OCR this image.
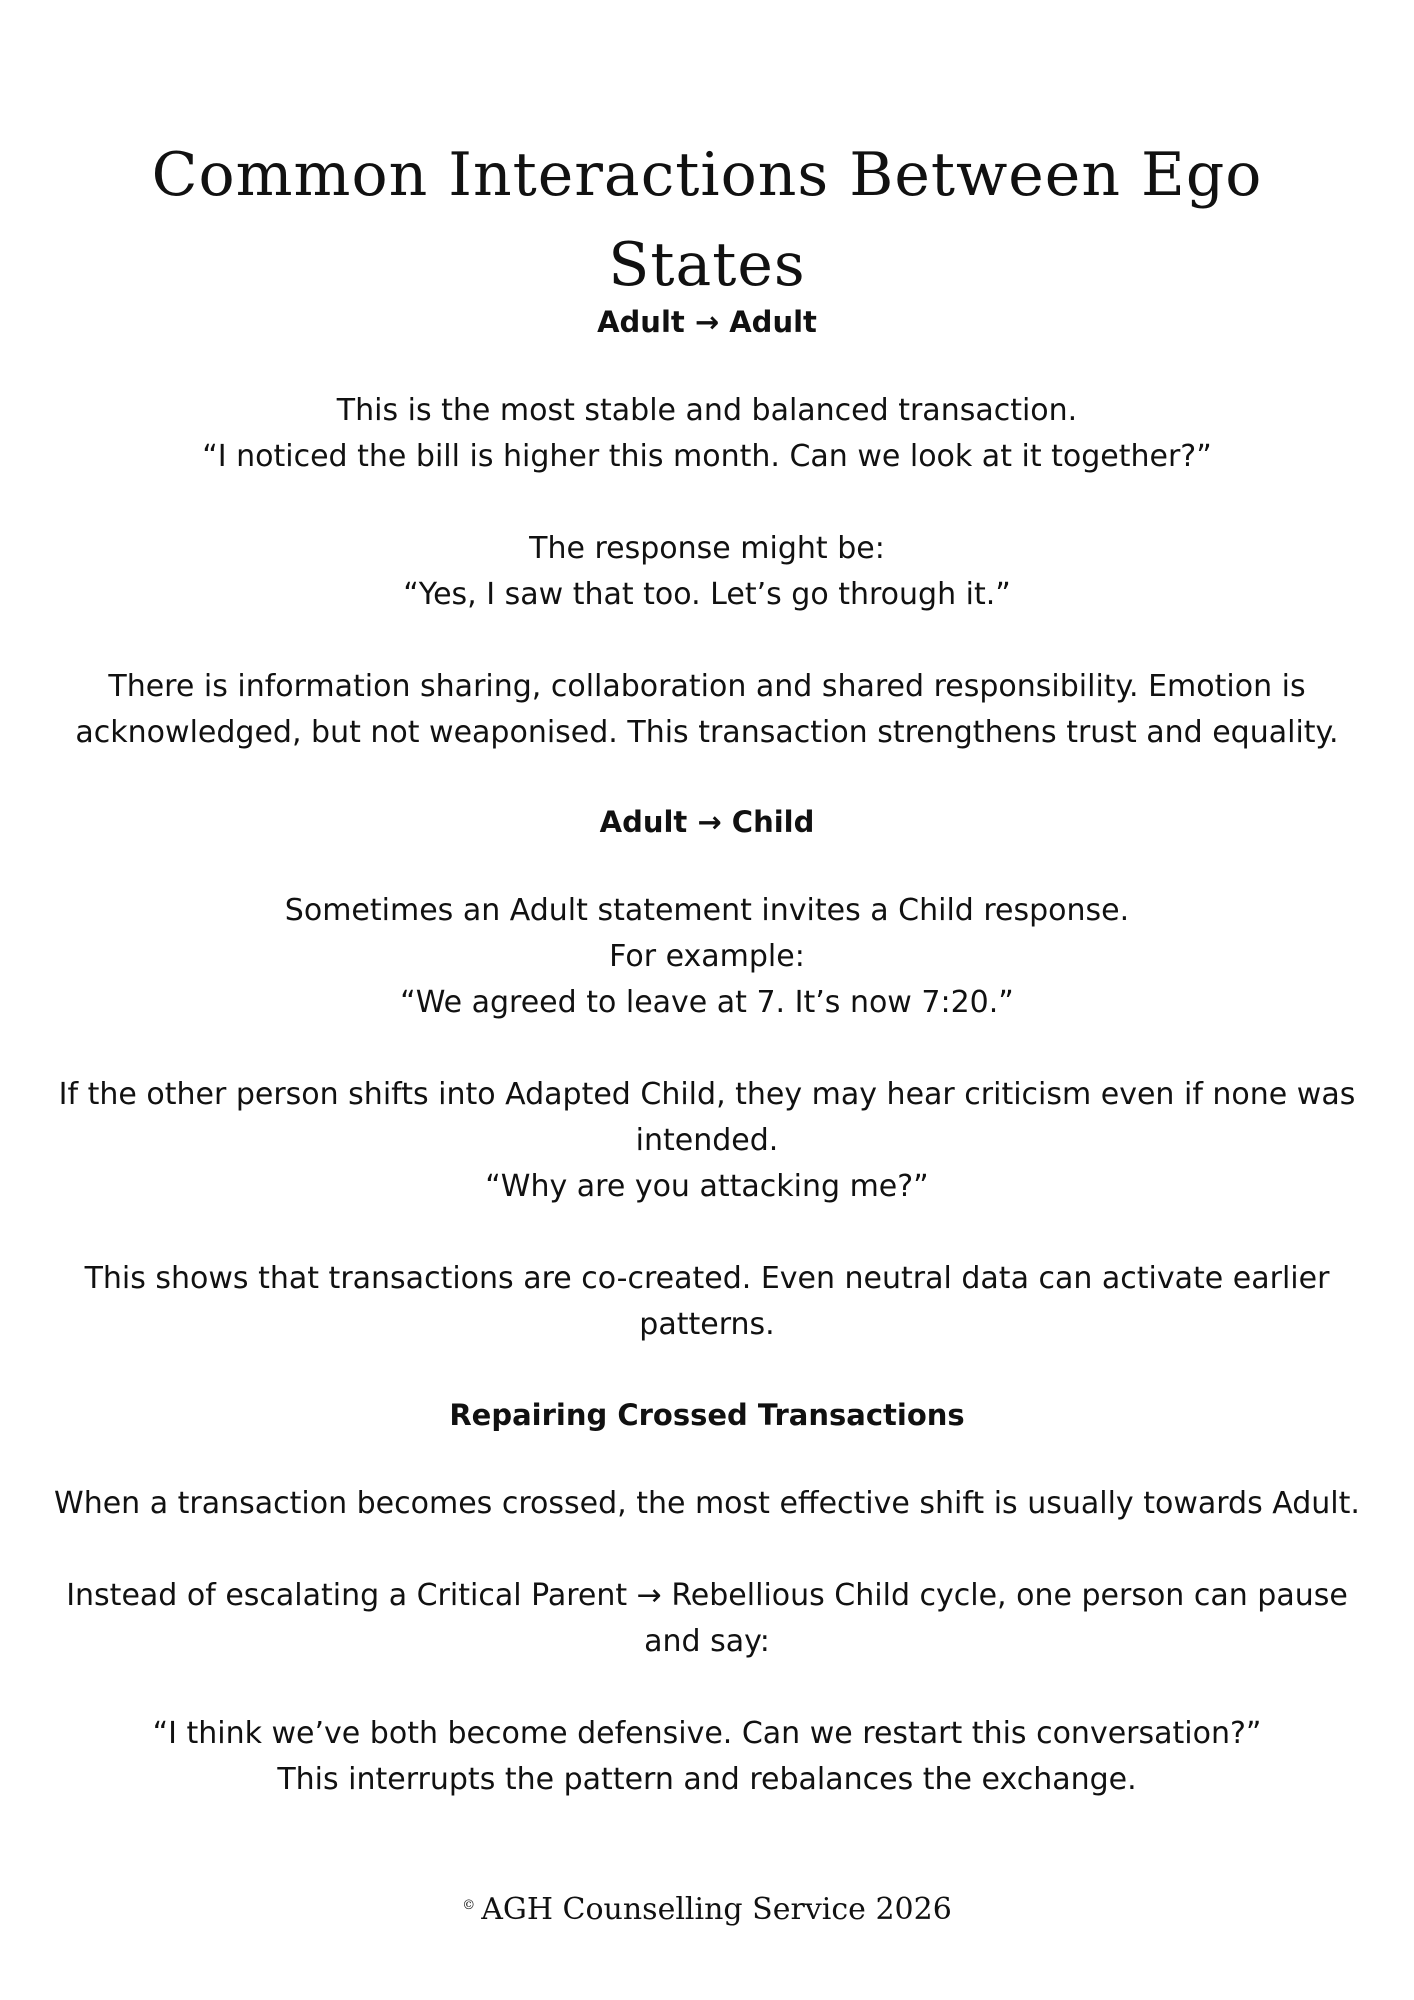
Common Interactions Between Ego States

Adult → Adult

This is the most stable and balanced transaction.

“I noticed the bill is higher this month. Can we look at it together?”

The response might be:

“Yes, I saw that too. Let’s go through it.”

There is information sharing, collaboration and shared responsibility. Emotion is acknowledged, but not weaponised. This transaction strengthens trust and equality.

Adult → Child

Sometimes an Adult statement invites a Child response.

For example:

“We agreed to leave at 7. It’s now 7:20.”

If the other person shifts into Adapted Child, they may hear criticism even if none was intended.

“Why are you attacking me?”

This shows that transactions are co-created. Even neutral data can activate earlier patterns.

Repairing Crossed Transactions

When a transaction becomes crossed, the most effective shift is usually towards Adult.

Instead of escalating a Critical Parent → Rebellious Child cycle, one person can pause and say:

“I think we’ve both become defensive. Can we restart this conversation?”

This interrupts the pattern and rebalances the exchange.

© AGH Counselling Service 2026
